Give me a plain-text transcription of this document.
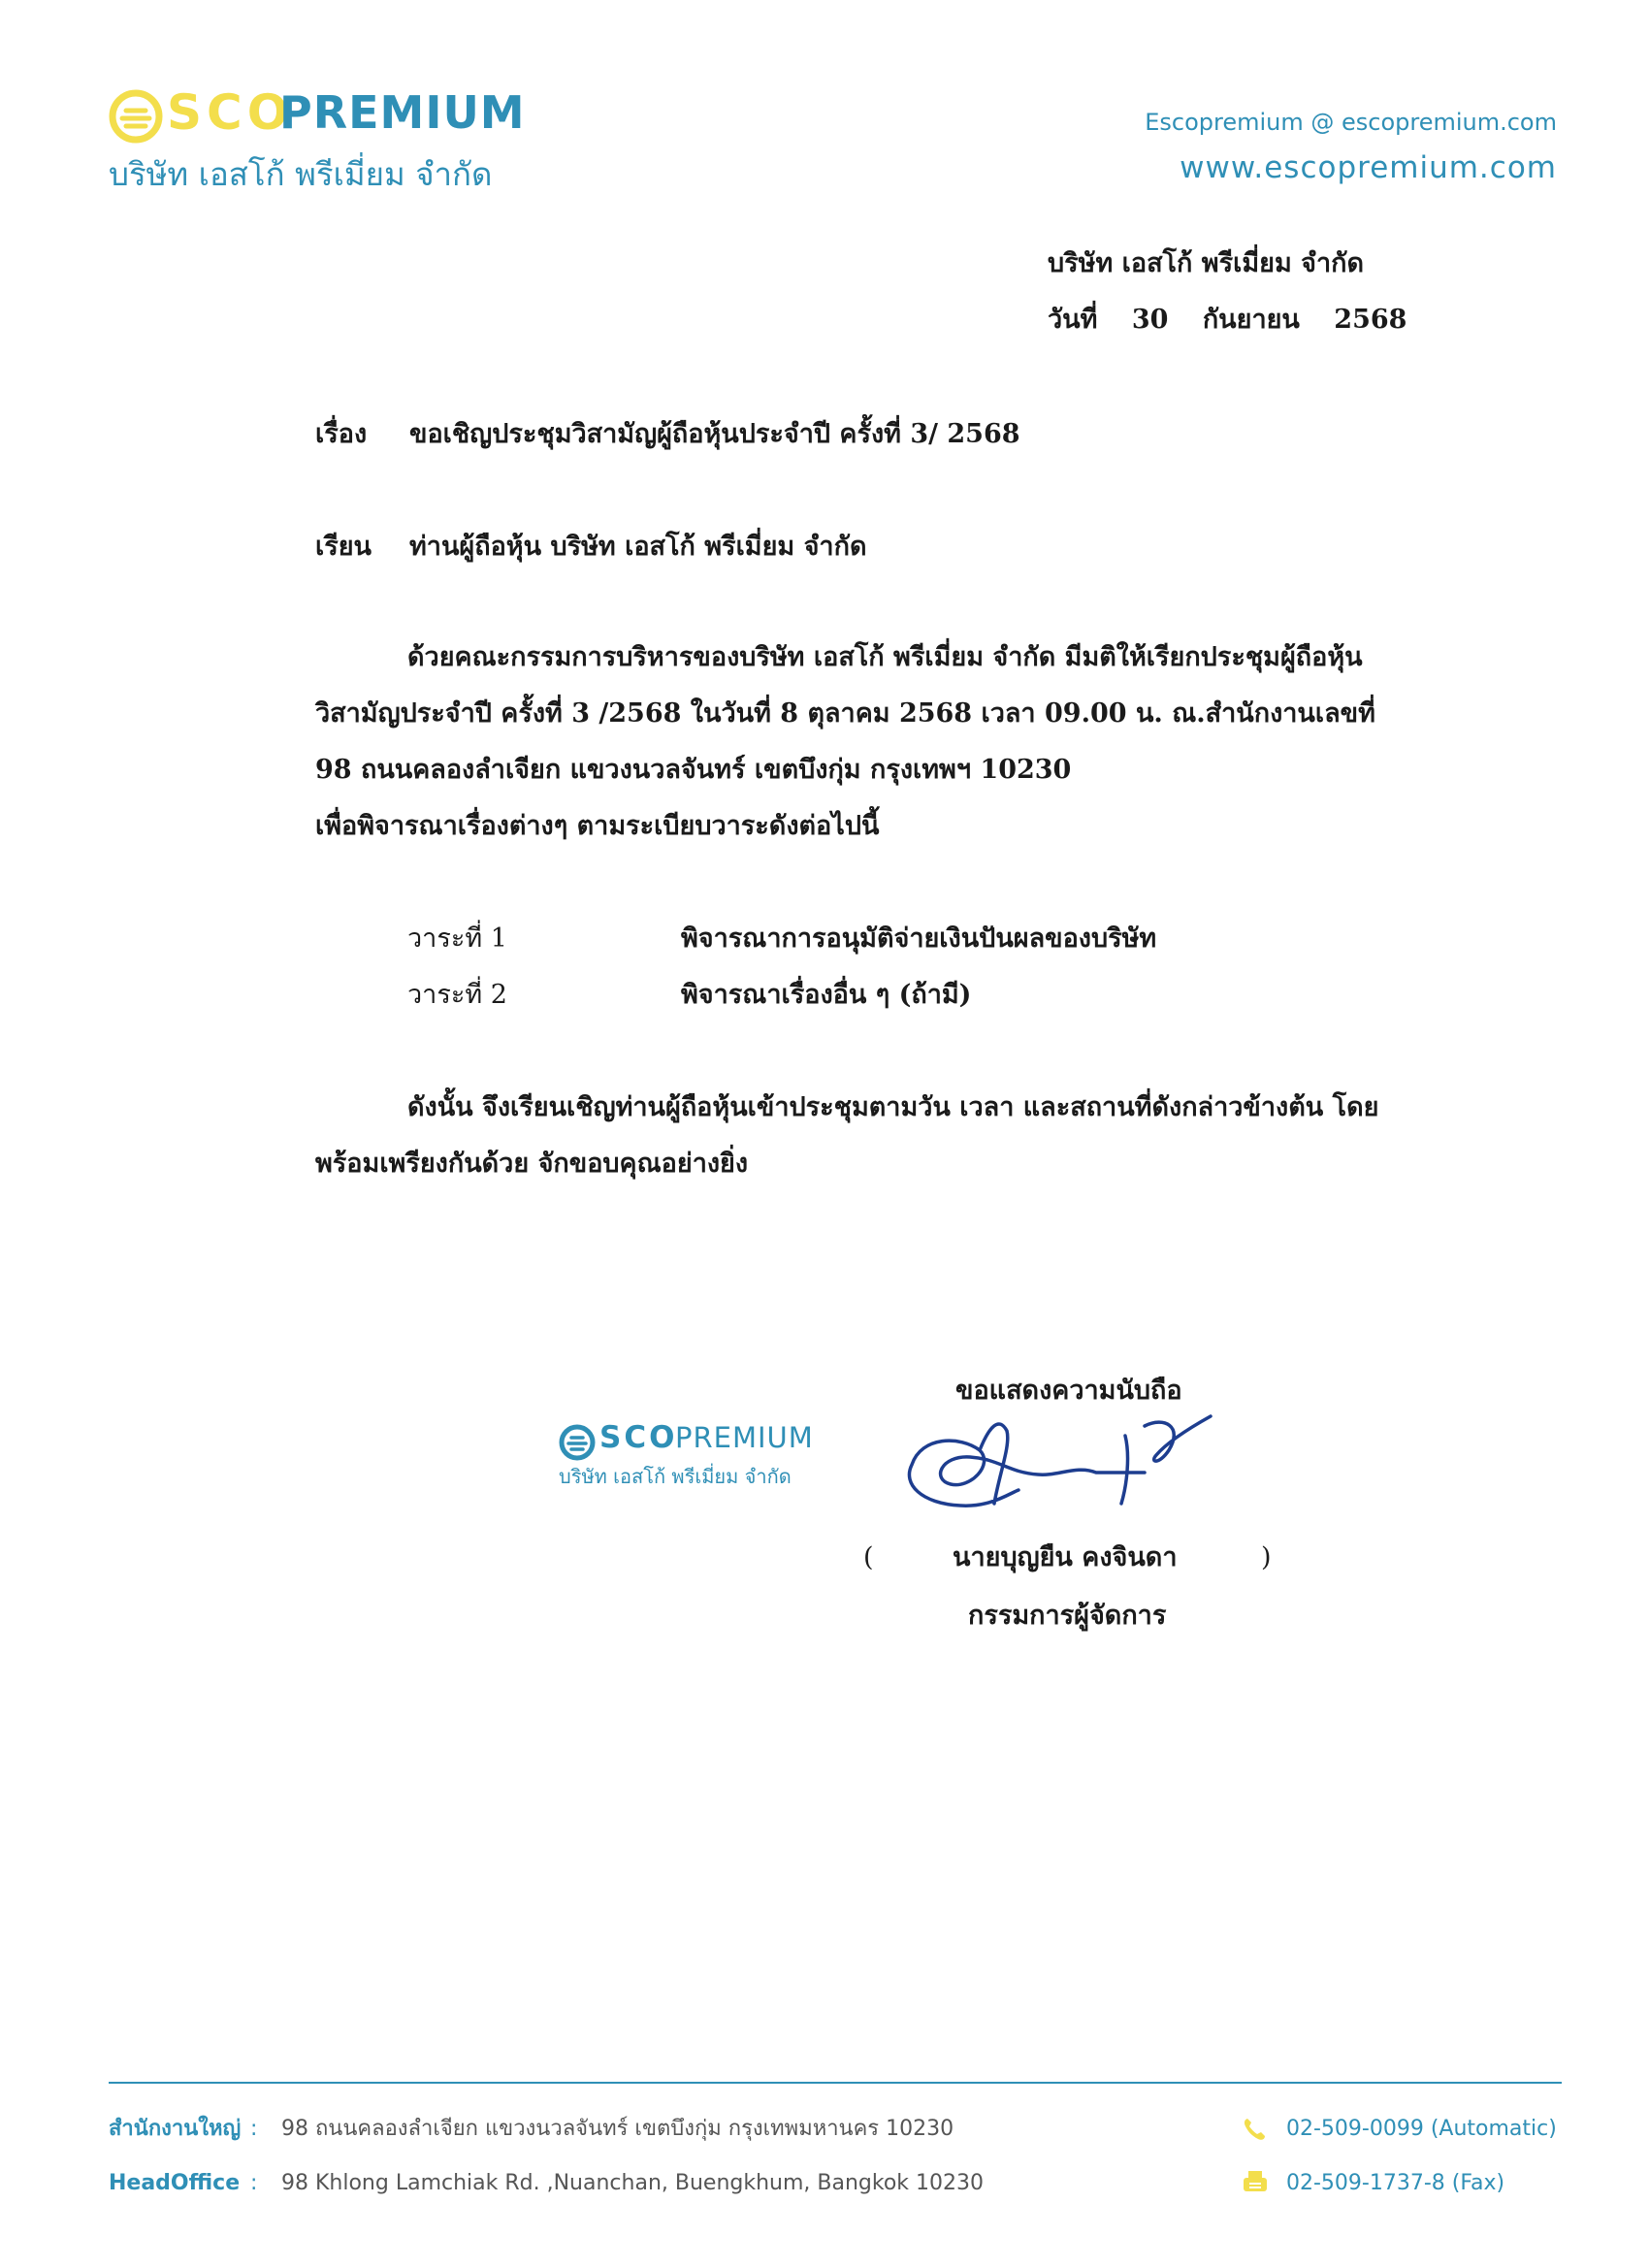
SCO
PREMIUM
บริษัท เอสโก้ พรีเมี่ยม จำกัด
Escopremium @ escopremium.com
www.escopremium.com
บริษัท เอสโก้ พรีเมี่ยม จำกัด
วันที่ 30 กันยายน 2568
เรื่อง ขอเชิญประชุมวิสามัญผู้ถือหุ้นประจำปี ครั้งที่ 3/ 2568
เรียน ท่านผู้ถือหุ้น บริษัท เอสโก้ พรีเมี่ยม จำกัด
ด้วยคณะกรรมการบริหารของบริษัท เอสโก้ พรีเมี่ยม จำกัด มีมติให้เรียกประชุมผู้ถือหุ้น
วิสามัญประจำปี ครั้งที่ 3 /2568 ในวันที่ 8 ตุลาคม 2568 เวลา 09.00 น. ณ.สำนักงานเลขที่
98 ถนนคลองลำเจียก แขวงนวลจันทร์ เขตบึงกุ่ม กรุงเทพฯ 10230
เพื่อพิจารณาเรื่องต่างๆ ตามระเบียบวาระดังต่อไปนี้
วาระที่ 1	พิจารณาการอนุมัติจ่ายเงินปันผลของบริษัท
วาระที่ 2	พิจารณาเรื่องอื่น ๆ (ถ้ามี)
ดังนั้น จึงเรียนเชิญท่านผู้ถือหุ้นเข้าประชุมตามวัน เวลา และสถานที่ดังกล่าวข้างต้น โดย
พร้อมเพรียงกันด้วย จักขอบคุณอย่างยิ่ง
ขอแสดงความนับถือ
SCO
PREMIUM
บริษัท เอสโก้ พรีเมี่ยม จำกัด
(	นายบุญยืน คงจินดา	)
กรรมการผู้จัดการ
สำนักงานใหญ่ : 98 ถนนคลองลำเจียก แขวงนวลจันทร์ เขตบึงกุ่ม กรุงเทพมหานคร 10230
HeadOffice : 98 Khlong Lamchiak Rd. ,Nuanchan, Buengkhum, Bangkok 10230
02-509-0099 (Automatic)
02-509-1737-8 (Fax)
